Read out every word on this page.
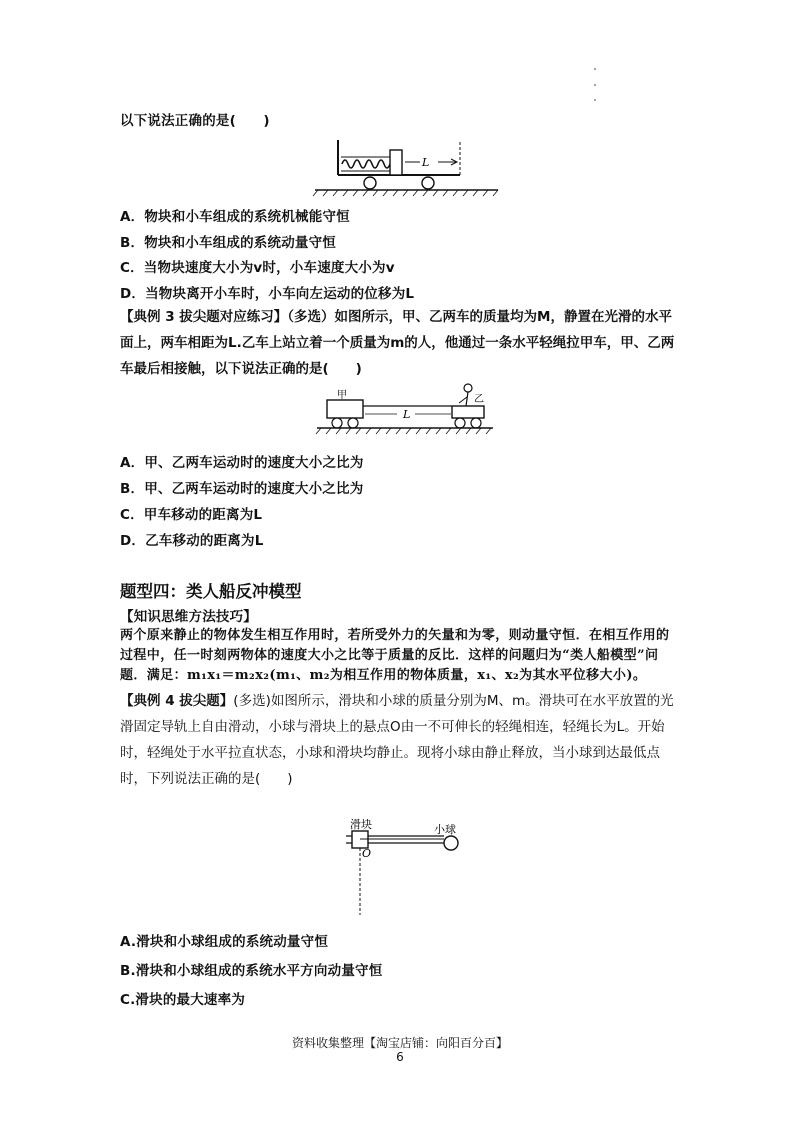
以下说法正确的是(　　)
L
A．物块和小车组成的系统机械能守恒
B．物块和小车组成的系统动量守恒
C．当物块速度大小为v时，小车速度大小为v
D．当物块离开小车时，小车向左运动的位移为L
【典例 3 拔尖题对应练习】（多选）如图所示，甲、乙两车的质量均为M，静置在光滑的水平面上，两车相距为L.乙车上站立着一个质量为m的人，他通过一条水平轻绳拉甲车，甲、乙两车最后相接触，以下说法正确的是(　　)
甲
L
乙
A．甲、乙两车运动时的速度大小之比为
B．甲、乙两车运动时的速度大小之比为
C．甲车移动的距离为L
D．乙车移动的距离为L
题型四：类人船反冲模型
【知识思维方法技巧】
两个原来静止的物体发生相互作用时，若所受外力的矢量和为零，则动量守恒．在相互作用的过程中，任一时刻两物体的速度大小之比等于质量的反比．这样的问题归为“类人船模型”问题．满足：m₁x₁＝m₂x₂(m₁、m₂为相互作用的物体质量，x₁、x₂为其水平位移大小)。
【典例 4 拔尖题】(多选)如图所示，滑块和小球的质量分别为M、m。滑块可在水平放置的光滑固定导轨上自由滑动，小球与滑块上的悬点O由一不可伸长的轻绳相连，轻绳长为L。开始时，轻绳处于水平拉直状态，小球和滑块均静止。现将小球由静止释放，当小球到达最低点时，下列说法正确的是(　　)
滑块	小球
O
A.滑块和小球组成的系统动量守恒
B.滑块和小球组成的系统水平方向动量守恒
C.滑块的最大速率为
资料收集整理【淘宝店铺：向阳百分百】
6
